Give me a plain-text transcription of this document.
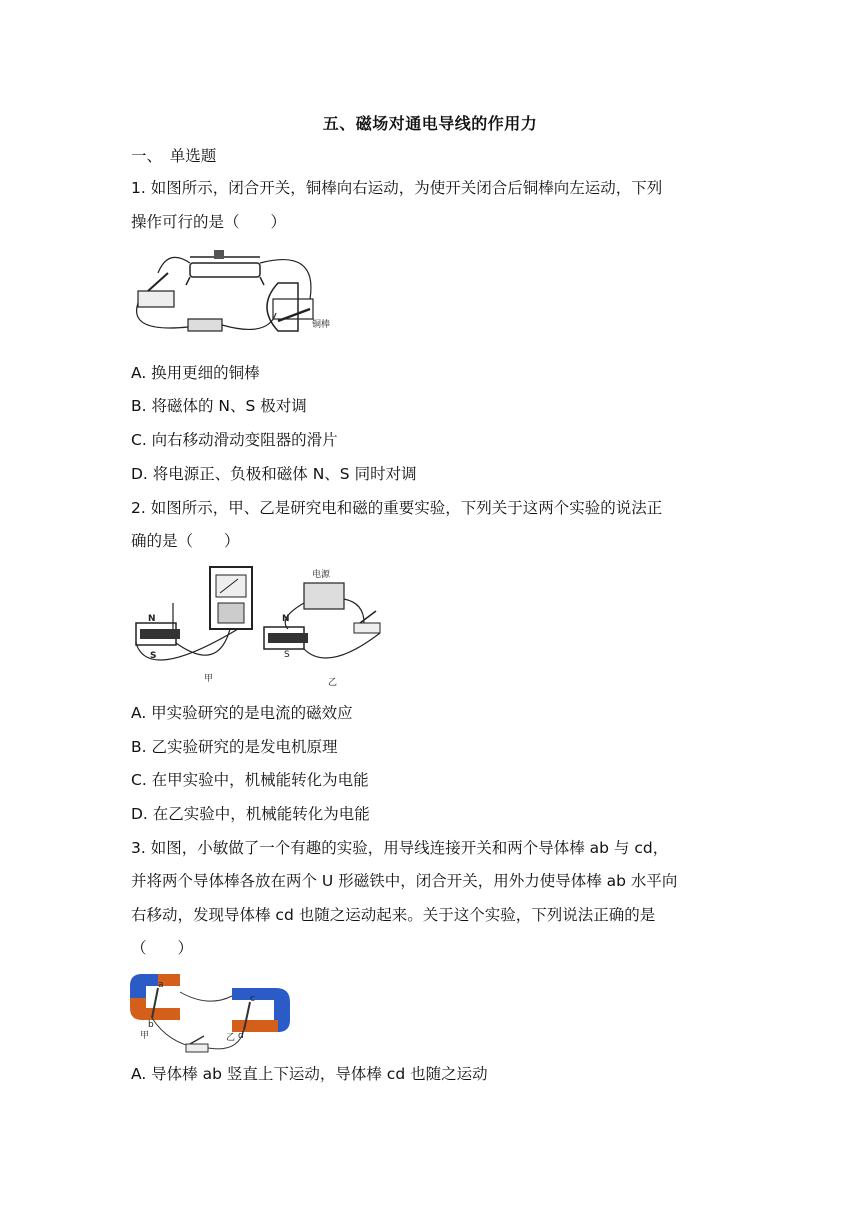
五、磁场对通电导线的作用力
一、　单选题
1. 如图所示，闭合开关，铜棒向右运动，为使开关闭合后铜棒向左运动，下列
操作可行的是（　　）
铜棒
A. 换用更细的铜棒
B. 将磁体的 N、S 极对调
C. 向右移动滑动变阻器的滑片
D. 将电源正、负极和磁体 N、S 同时对调
2. 如图所示，甲、乙是研究电和磁的重要实验，下列关于这两个实验的说法正
确的是（　　）
N
S
甲
电源
N
S
乙
A. 甲实验研究的是电流的磁效应
B. 乙实验研究的是发电机原理
C. 在甲实验中，机械能转化为电能
D. 在乙实验中，机械能转化为电能
3. 如图，小敏做了一个有趣的实验，用导线连接开关和两个导体棒 ab 与 cd，
并将两个导体棒各放在两个 U 形磁铁中，闭合开关，用外力使导体棒 ab 水平向
右移动，发现导体棒 cd 也随之运动起来。关于这个实验，下列说法正确的是
（　　）
a
b
c
d
甲	乙
A. 导体棒 ab 竖直上下运动，导体棒 cd 也随之运动
